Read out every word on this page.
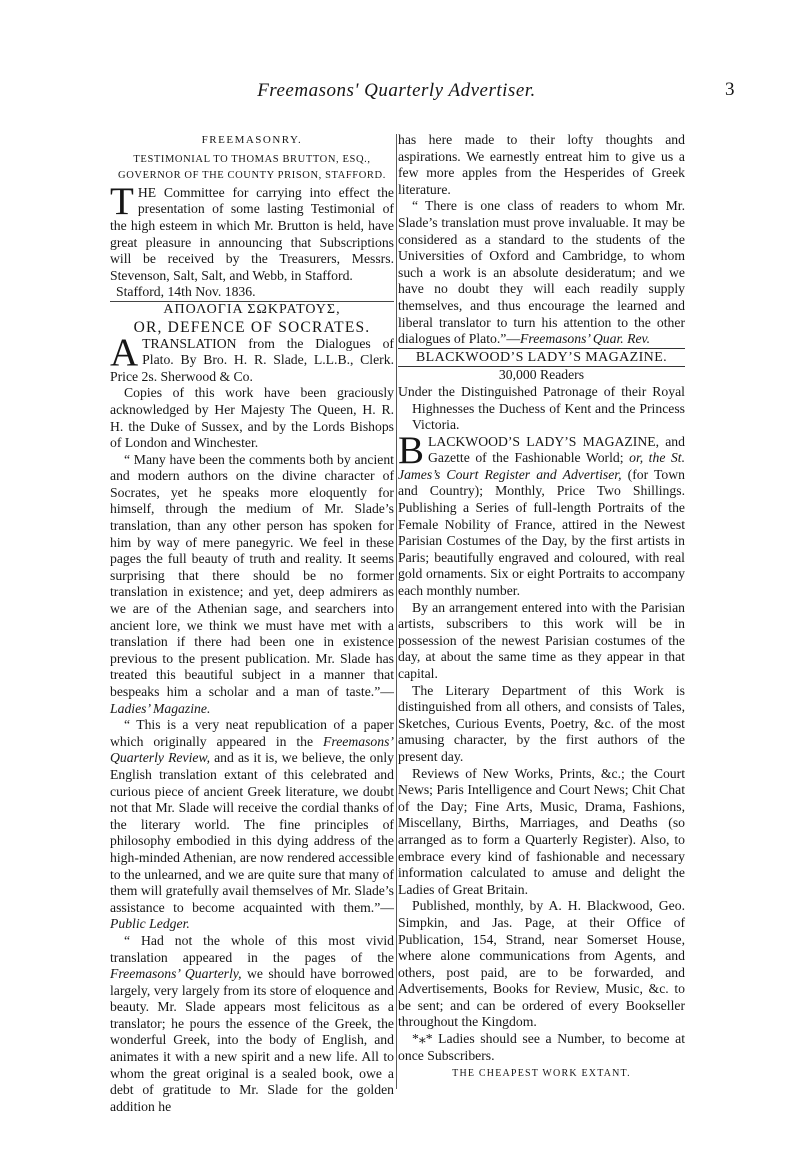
Freemasons' Quarterly Advertiser.	3

FREEMASONRY.

TESTIMONIAL TO THOMAS BRUTTON, ESQ.,

GOVERNOR OF THE COUNTY PRISON, STAFFORD.

THE Committee for carrying into effect the presentation of some lasting Testimonial of the high esteem in which Mr. Brutton is held, have great pleasure in announcing that Subscriptions will be received by the Treasurers, Messrs. Stevenson, Salt, Salt, and Webb, in Stafford.

Stafford, 14th Nov. 1836.

ΑΠΟΛΟΓΙΑ ΣΩΚΡΑΤΟΥΣ,

OR, DEFENCE OF SOCRATES.

ATRANSLATION from the Dialogues of Plato. By Bro. H. R. Slade, L.L.B., Clerk. Price 2s. Sherwood & Co.

Copies of this work have been graciously acknowledged by Her Majesty The Queen, H. R. H. the Duke of Sussex, and by the Lords Bishops of London and Winchester.

“ Many have been the comments both by ancient and modern authors on the divine character of Socrates, yet he speaks more eloquently for himself, through the medium of Mr. Slade’s translation, than any other person has spoken for him by way of mere panegyric. We feel in these pages the full beauty of truth and reality. It seems surprising that there should be no former translation in existence; and yet, deep admirers as we are of the Athenian sage, and searchers into ancient lore, we think we must have met with a translation if there had been one in existence previous to the present publication. Mr. Slade has treated this beautiful subject in a manner that bespeaks him a scholar and a man of taste.”—Ladies’ Magazine.

“ This is a very neat republication of a paper which originally appeared in the Freemasons’ Quarterly Review, and as it is, we believe, the only English translation extant of this celebrated and curious piece of ancient Greek literature, we doubt not that Mr. Slade will receive the cordial thanks of the literary world. The fine principles of philosophy embodied in this dying address of the high-minded Athenian, are now rendered accessible to the unlearned, and we are quite sure that many of them will gratefully avail themselves of Mr. Slade’s assistance to become acquainted with them.”—Public Ledger.

“ Had not the whole of this most vivid translation appeared in the pages of the Freemasons’ Quarterly, we should have borrowed largely, very largely from its store of eloquence and beauty. Mr. Slade appears most felicitous as a translator; he pours the essence of the Greek, the wonderful Greek, into the body of English, and animates it with a new spirit and a new life. All to whom the great original is a sealed book, owe a debt of gratitude to Mr. Slade for the golden addition he

has here made to their lofty thoughts and aspirations. We earnestly entreat him to give us a few more apples from the Hesperides of Greek literature.

“ There is one class of readers to whom Mr. Slade’s translation must prove invaluable. It may be considered as a standard to the students of the Universities of Oxford and Cambridge, to whom such a work is an absolute desideratum; and we have no doubt they will each readily supply themselves, and thus encourage the learned and liberal translator to turn his attention to the other dialogues of Plato.”—Freemasons’ Quar. Rev.

BLACKWOOD’S LADY’S MAGAZINE.

30,000 Readers

Under the Distinguished Patronage of their Royal Highnesses the Duchess of Kent and the Princess Victoria.

BLACKWOOD’S LADY’S MAGAZINE, and Gazette of the Fashionable World; or, the St. James’s Court Register and Advertiser, (for Town and Country); Monthly, Price Two Shillings. Publishing a Series of full-length Portraits of the Female Nobility of France, attired in the Newest Parisian Costumes of the Day, by the first artists in Paris; beautifully engraved and coloured, with real gold ornaments. Six or eight Portraits to accompany each monthly number.

By an arrangement entered into with the Parisian artists, subscribers to this work will be in possession of the newest Parisian costumes of the day, at about the same time as they appear in that capital.

The Literary Department of this Work is distinguished from all others, and consists of Tales, Sketches, Curious Events, Poetry, &c. of the most amusing character, by the first authors of the present day.

Reviews of New Works, Prints, &c.; the Court News; Paris Intelligence and Court News; Chit Chat of the Day; Fine Arts, Music, Drama, Fashions, Miscellany, Births, Marriages, and Deaths (so arranged as to form a Quarterly Register). Also, to embrace every kind of fashionable and necessary information calculated to amuse and delight the Ladies of Great Britain.

Published, monthly, by A. H. Blackwood, Geo. Simpkin, and Jas. Page, at their Office of Publication, 154, Strand, near Somerset House, where alone communications from Agents, and others, post paid, are to be forwarded, and Advertisements, Books for Review, Music, &c. to be sent; and can be ordered of every Bookseller throughout the Kingdom.

*⁎* Ladies should see a Number, to become at once Subscribers.

THE CHEAPEST WORK EXTANT.
